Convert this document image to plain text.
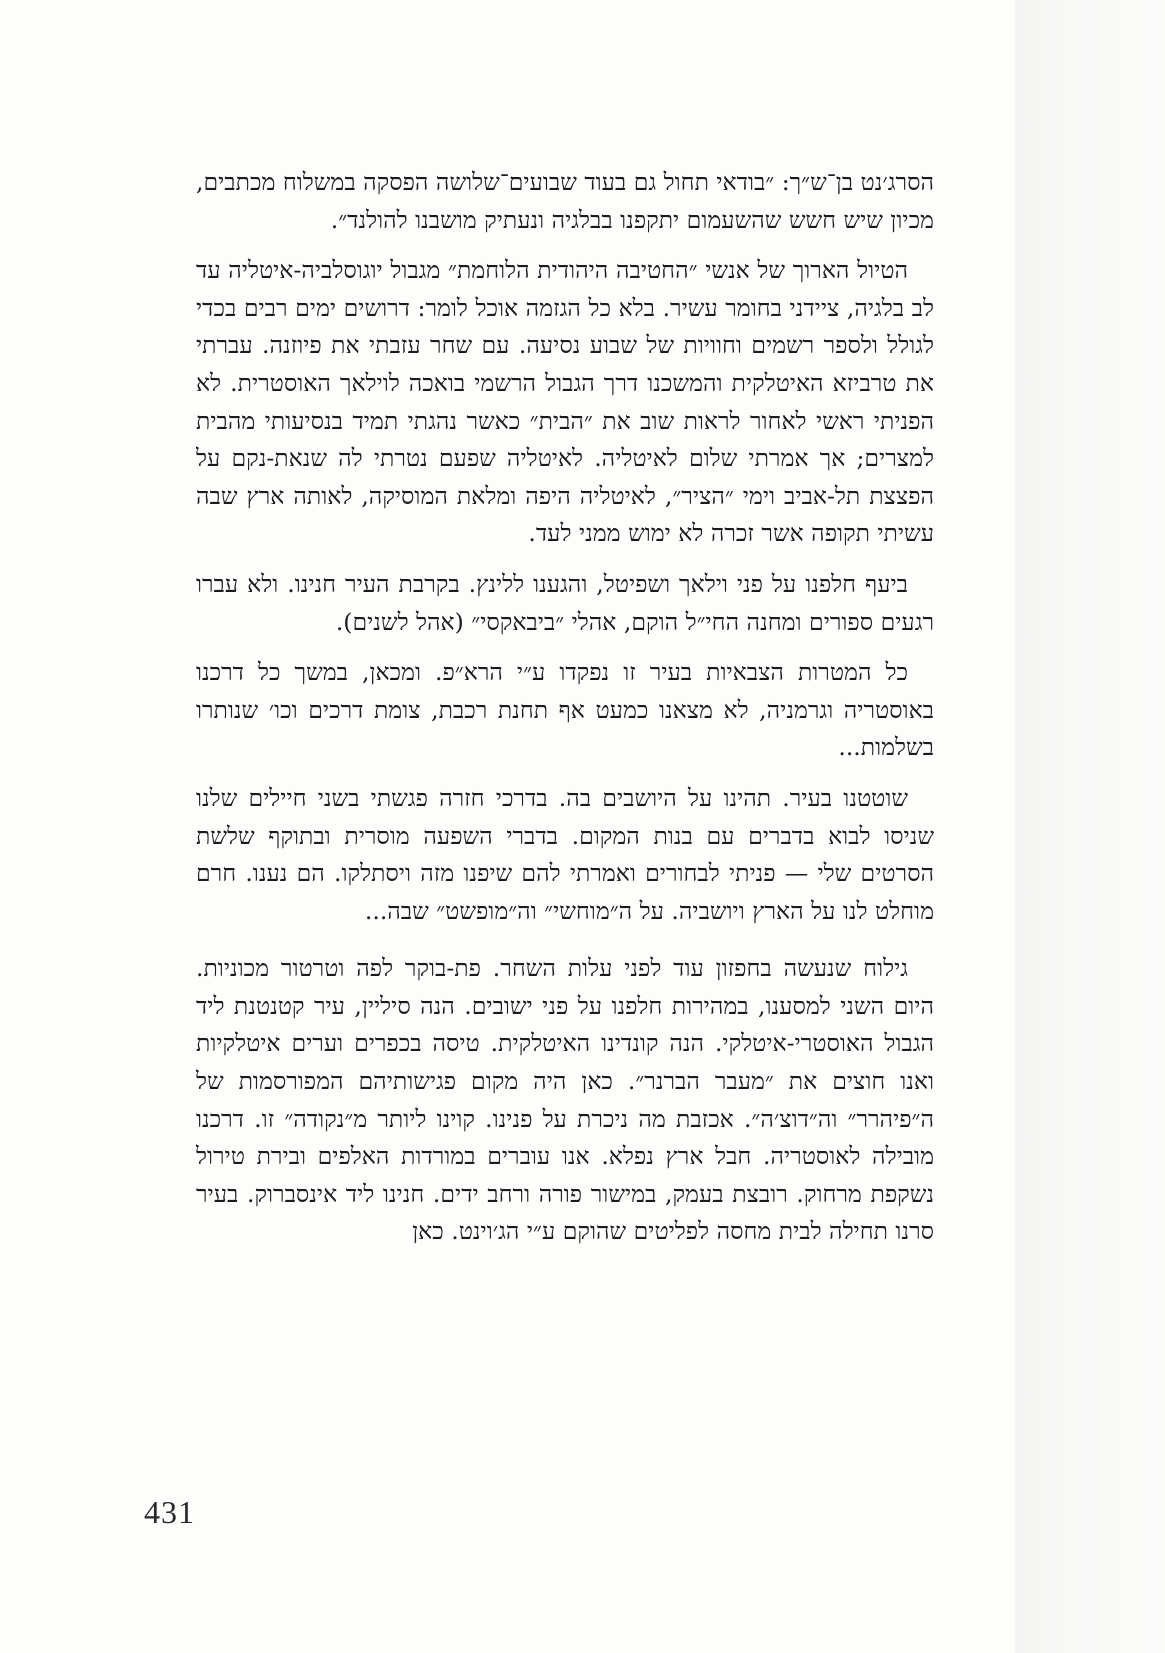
הסרג׳נט בן־ש״ך: ״בודאי תחול גם בעוד שבועים־שלושה הפסקה במשלוח מכתבים, מכיון שיש חשש שהשעמום יתקפנו בבלגיה ונעתיק מושבנו להולנד״.

הטיול הארוך של אנשי ״החטיבה היהודית הלוחמת״ מגבול יוגוסלביה-איטליה עד לב בלגיה, ציידני בחומר עשיר. בלא כל הגזמה אוכל לומר: דרושים ימים רבים בכדי לגולל ולספר רשמים וחוויות של שבוע נסיעה. עם שחר עזבתי את פיוזנה. עברתי את טרביזא האיטלקית והמשכנו דרך הגבול הרשמי בואכה לוילאך האוסטרית. לא הפניתי ראשי לאחור לראות שוב את ״הבית״ כאשר נהגתי תמיד בנסיעותי מהבית למצרים; אך אמרתי שלום לאיטליה. לאיטליה שפעם נטרתי לה שנאת-נקם על הפצצת תל-אביב וימי ״הציר״, לאיטליה היפה ומלאת המוסיקה, לאותה ארץ שבה עשיתי תקופה אשר זכרה לא ימוש ממני לעד.

ביעף חלפנו על פני וילאך ושפיטל, והגענו ללינץ. בקרבת העיר חנינו. ולא עברו רגעים ספורים ומחנה החי״ל הוקם, אהלי ״ביבאקסי״ (אהל לשנים).

כל המטרות הצבאיות בעיר זו נפקדו ע״י הרא״פ. ומכאן, במשך כל דרכנו באוסטריה וגרמניה, לא מצאנו כמעט אף תחנת רכבת, צומת דרכים וכו׳ שנותרו בשלמות...

שוטטנו בעיר. תהינו על היושבים בה. בדרכי חזרה פגשתי בשני חיילים שלנו שניסו לבוא בדברים עם בנות המקום. בדברי השפעה מוסרית ובתוקף שלשת הסרטים שלי — פניתי לבחורים ואמרתי להם שיפנו מזה ויסתלקו. הם נענו. חרם מוחלט לנו על הארץ ויושביה. על ה״מוחשי״ וה״מופשט״ שבה...

גילוח שנעשה בחפזון עוד לפני עלות השחר. פת-בוקר לפה וטרטור מכוניות. היום השני למסענו, במהירות חלפנו על פני ישובים. הנה סיליין, עיר קטנטנת ליד הגבול האוסטרי-איטלקי. הנה קונדינו האיטלקית. טיסה בכפרים וערים איטלקיות ואנו חוצים את ״מעבר הברנר״. כאן היה מקום פגישותיהם המפורסמות של ה״פיהרר״ וה״דוצ׳ה״. אכזבת מה ניכרת על פנינו. קוינו ליותר מ״נקודה״ זו. דרכנו מובילה לאוסטריה. חבל ארץ נפלא. אנו עוברים במורדות האלפים ובירת טירול נשקפת מרחוק. רובצת בעמק, במישור פורה ורחב ידים. חנינו ליד אינסברוק. בעיר סרנו תחילה לבית מחסה לפליטים שהוקם ע״י הג׳וינט. כאן

431
